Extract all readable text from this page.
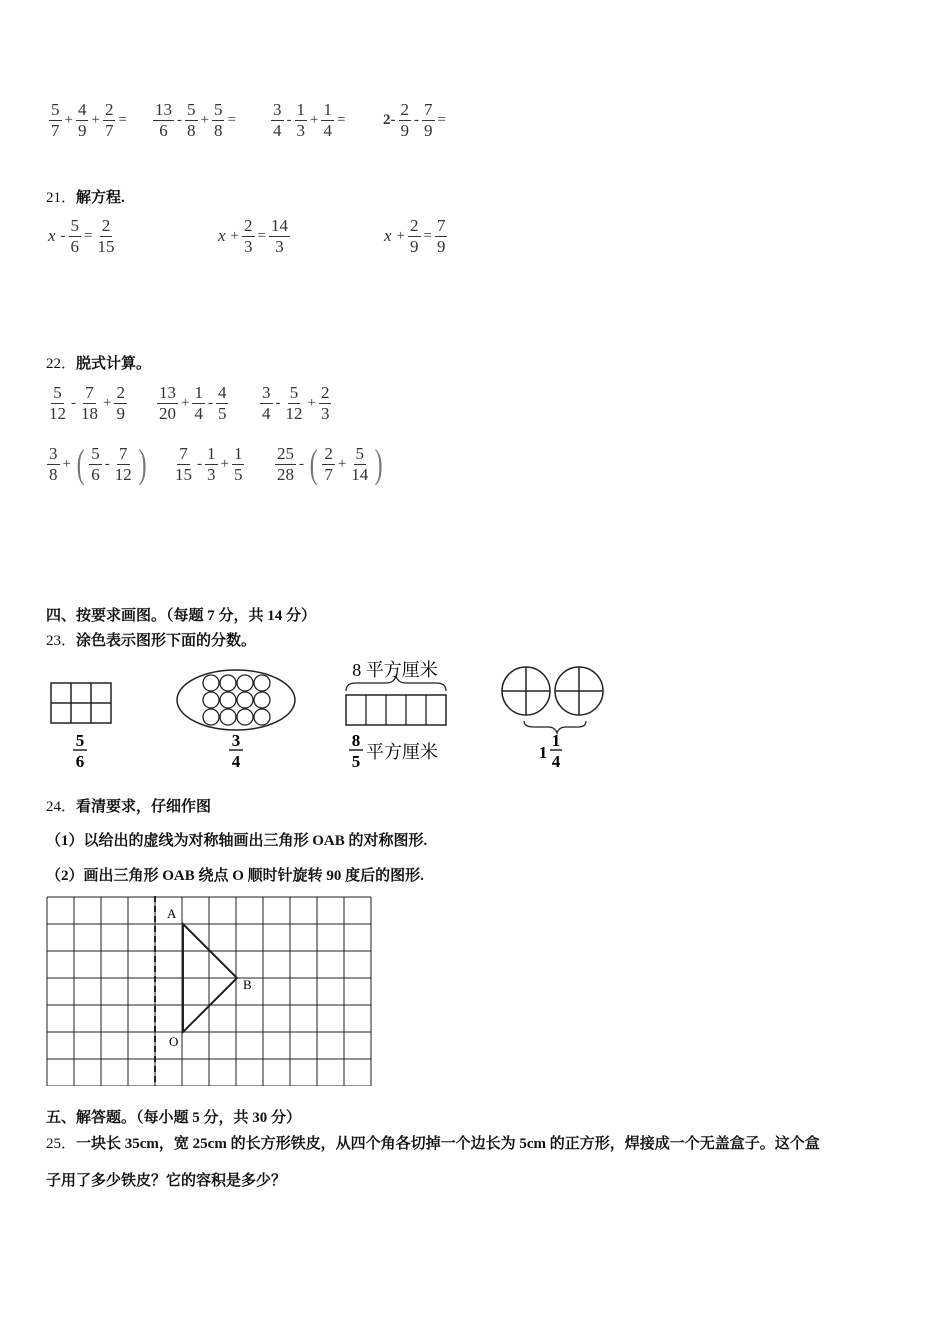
21．解方程.
22．脱式计算。
四、按要求画图。（每题 7 分，共 14 分）
23．涂色表示图形下面的分数。
5
6
3
4
8 平方厘米
8
5 平方厘米	1
1
4
24．看清要求，仔细作图
（1）以给出的虚线为对称轴画出三角形 OAB 的对称图形.
（2）画出三角形 OAB 绕点 O 顺时针旋转 90 度后的图形.
A
B
O
五、解答题。（每小题 5 分，共 30 分）
25．一块长 35cm，宽 25cm 的长方形铁皮，从四个角各切掉一个边长为 5cm 的正方形，焊接成一个无盖盒子。这个盒
子用了多少铁皮？它的容积是多少？
$\frac{5}{7} + \frac{4}{9} + \frac{2}{7} = \frac{13}{6} - \frac{5}{8} + \frac{5}{8} = \frac{3}{4} - \frac{1}{3} + \frac{1}{4}$ =	$2- \frac{2}{9} - \frac{7}{9}$ =
$x - \frac{5}{6} = \frac{2}{15}$	$x + \frac{2}{3} = \frac{14}{3}$	$x + \frac{2}{9} = \frac{7}{9}$
$\frac{5}{12} - \frac{7}{18} + \frac{2}{9} \frac{13}{20} + \frac{1}{4} - \frac{4}{5} \frac{3}{4} - \frac{5}{12} + \frac{2}{3}$
$\frac{3}{8}$ + ( $\frac{5}{6} - \frac{7}{12}$ ) $\frac{7}{15} - \frac{1}{3} + \frac{1}{5} \frac{25}{28}$ - ( $\frac{2}{7} + \frac{5}{14}$ )
